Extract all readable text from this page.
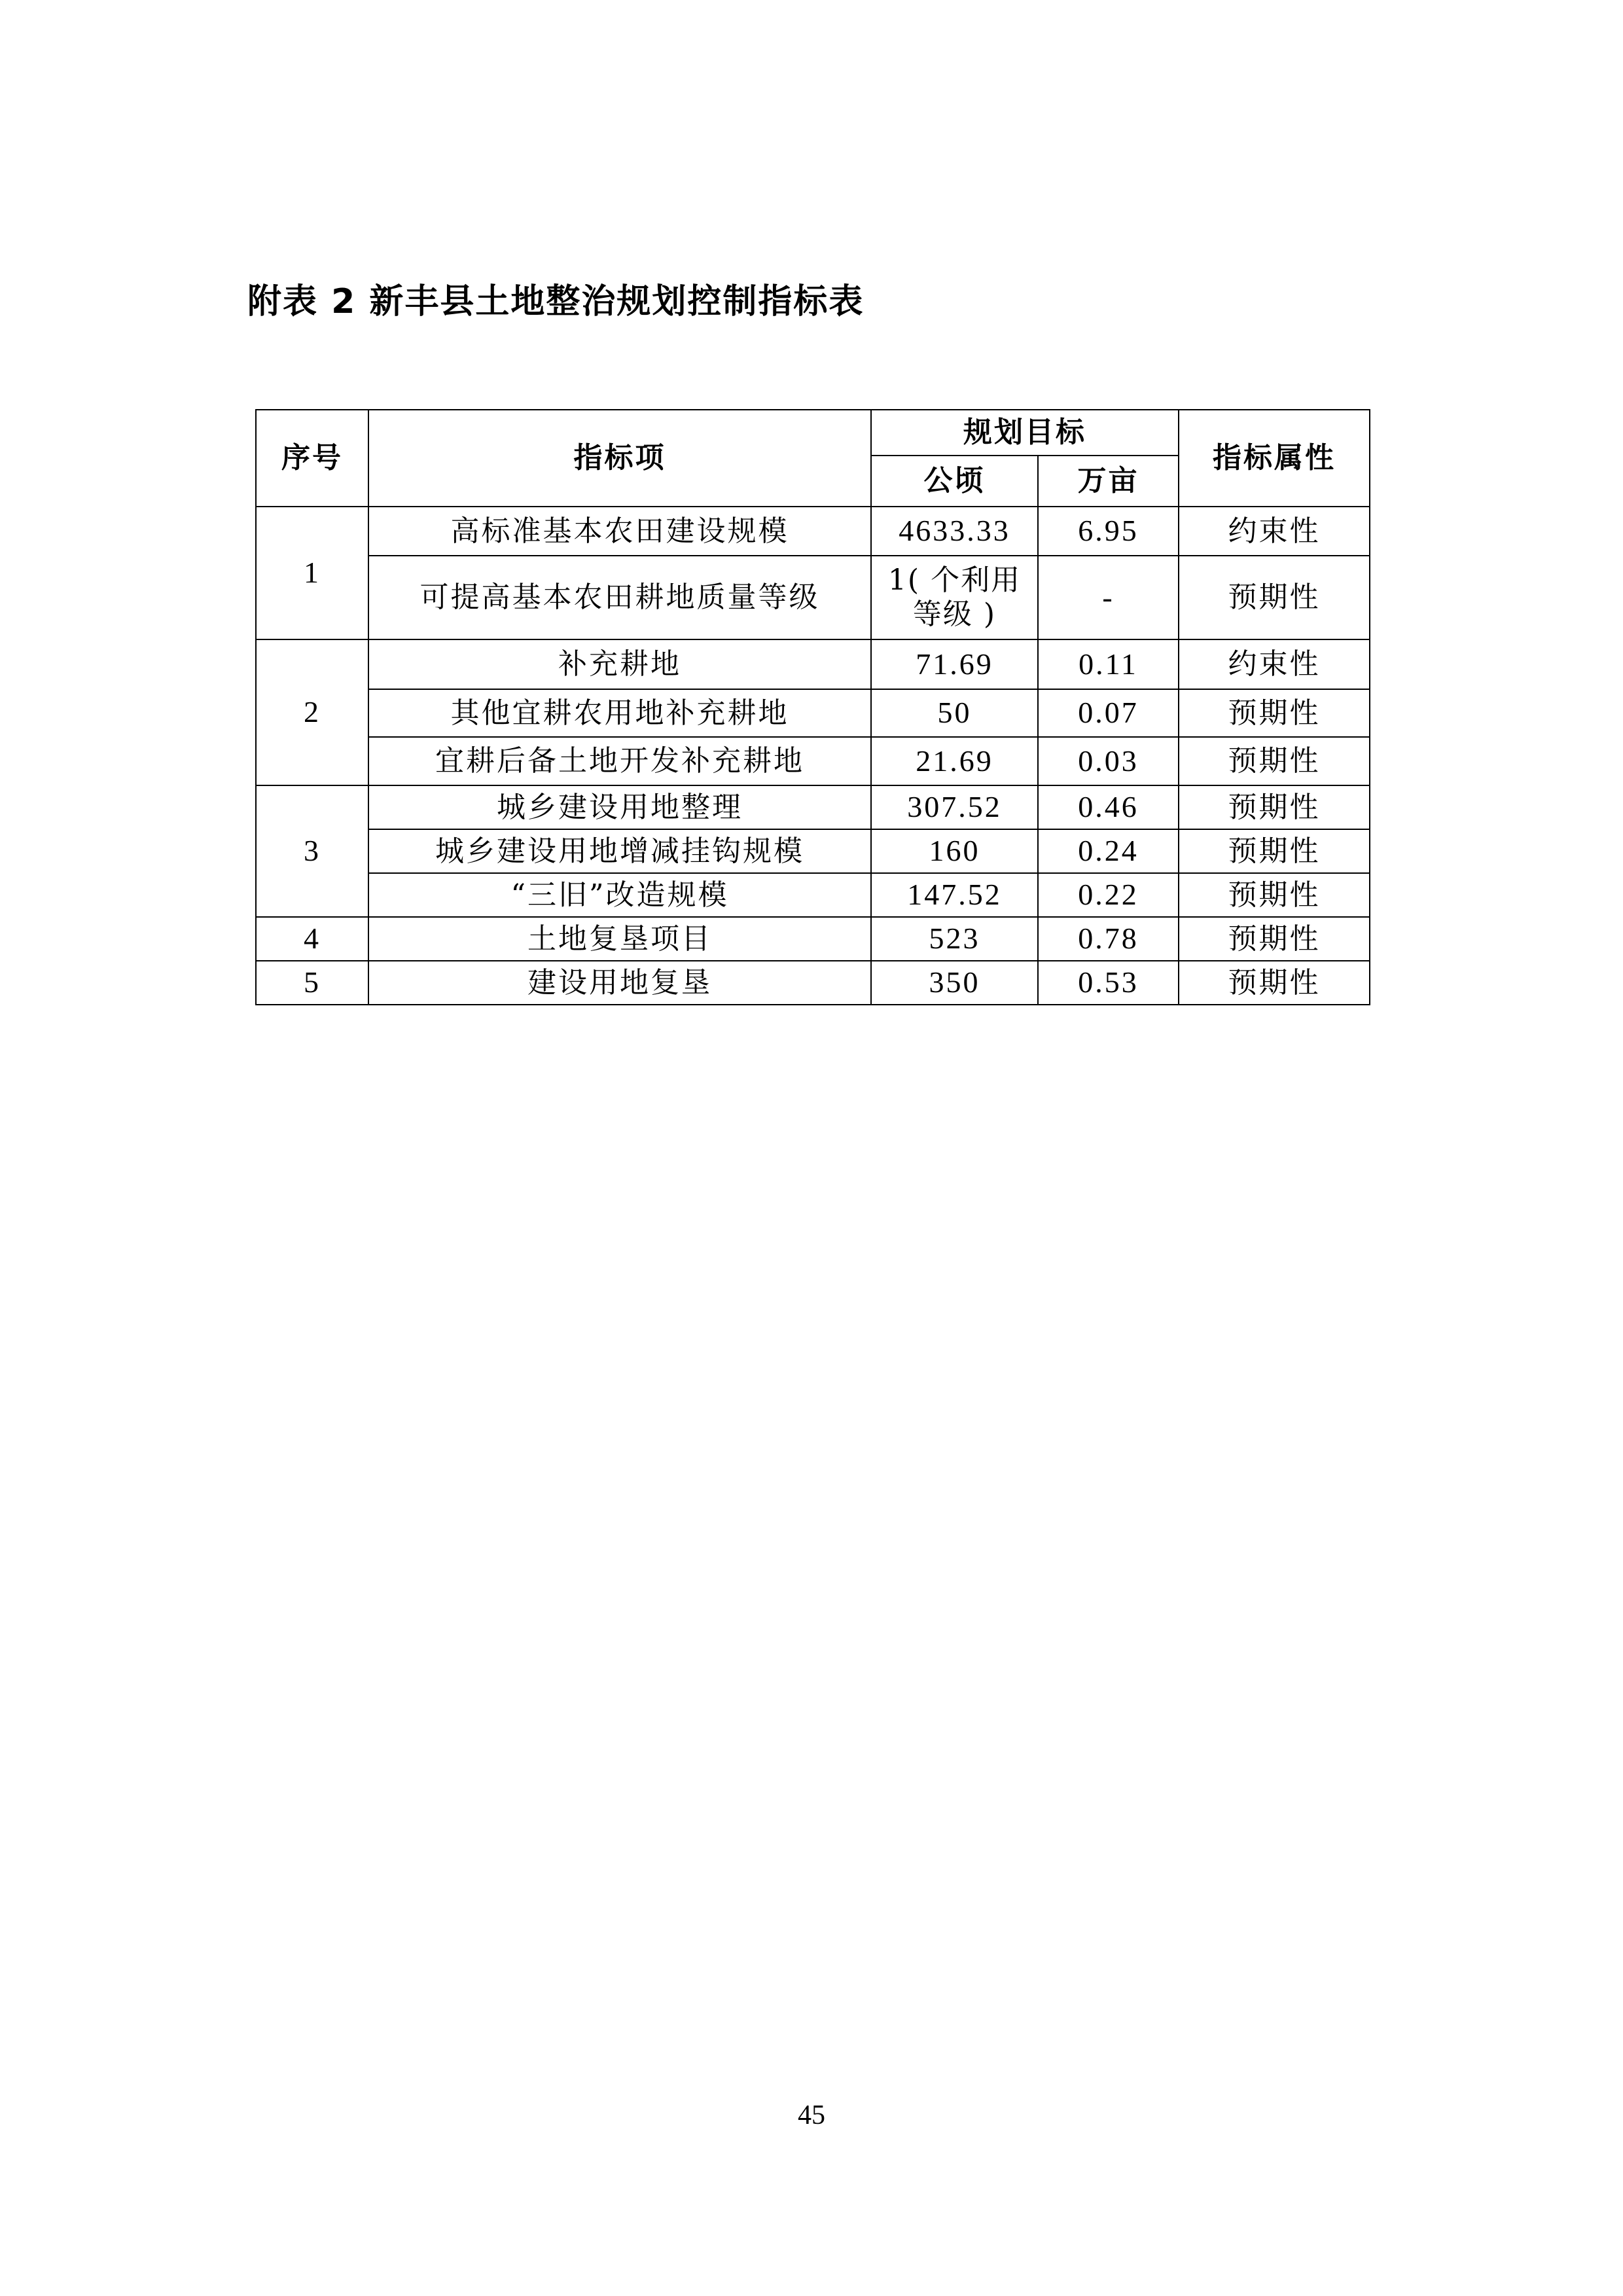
附表 2 新丰县土地整治规划控制指标表
序号	指标项	规划目标		指标属性
		公顷	万亩	
1	高标准基本农田建设规模	4633.33	6.95	约束性
	可提高基本农田耕地质量等级	1( 个利用等级 )	-	预期性
2	补充耕地	71.69	0.11	约束性
	其他宜耕农用地补充耕地	50	0.07	预期性
	宜耕后备土地开发补充耕地	21.69	0.03	预期性
3	城乡建设用地整理	307.52	0.46	预期性
	城乡建设用地增减挂钩规模	160	0.24	预期性
	“三旧”改造规模	147.52	0.22	预期性
4	土地复垦项目	523	0.78	预期性
5	建设用地复垦	350	0.53	预期性
45
